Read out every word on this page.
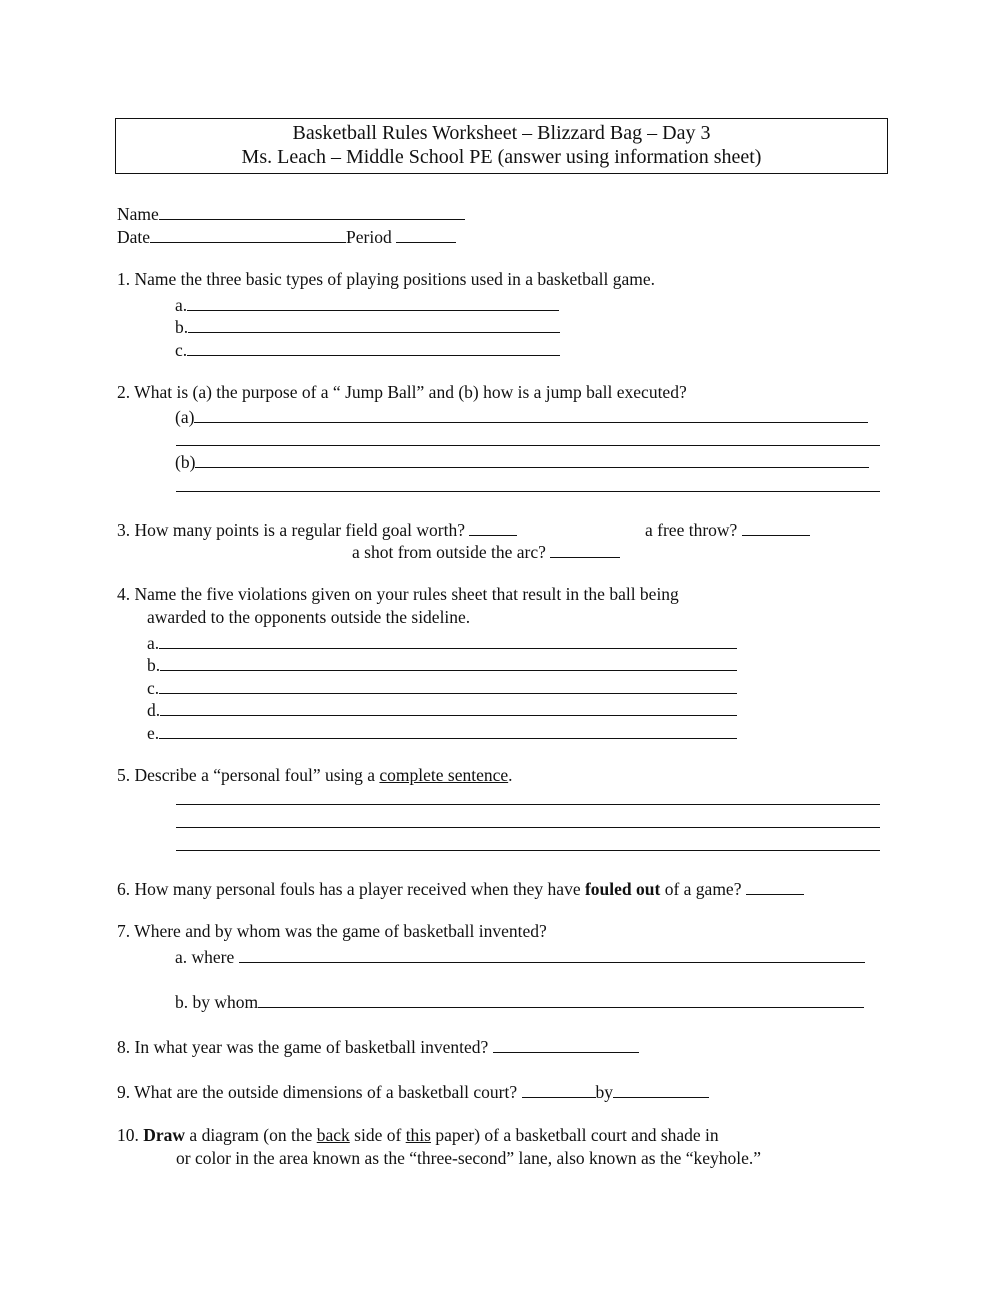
Basketball Rules Worksheet – Blizzard Bag – Day 3
Ms. Leach – Middle School PE (answer using information sheet)
Name
Date	Period
1. Name the three basic types of playing positions used in a basketball game.
a.
b.
c.
2. What is (a) the purpose of a “ Jump Ball” and (b) how is a jump ball executed?
(a)
(b)
3. How many points is a regular field goal worth?	a free throw?
a shot from outside the arc?
4. Name the five violations given on your rules sheet that result in the ball being
awarded to the opponents outside the sideline.
a.
b.
c.
d.
e.
5. Describe a “personal foul” using a complete sentence.
6. How many personal fouls has a player received when they have fouled out of a game?
7. Where and by whom was the game of basketball invented?
a. where
b. by whom
8. In what year was the game of basketball invented?
9. What are the outside dimensions of a basketball court?	by
10. Draw a diagram (on the back side of this paper) of a basketball court and shade in
or color in the area known as the “three-second” lane, also known as the “keyhole.”
